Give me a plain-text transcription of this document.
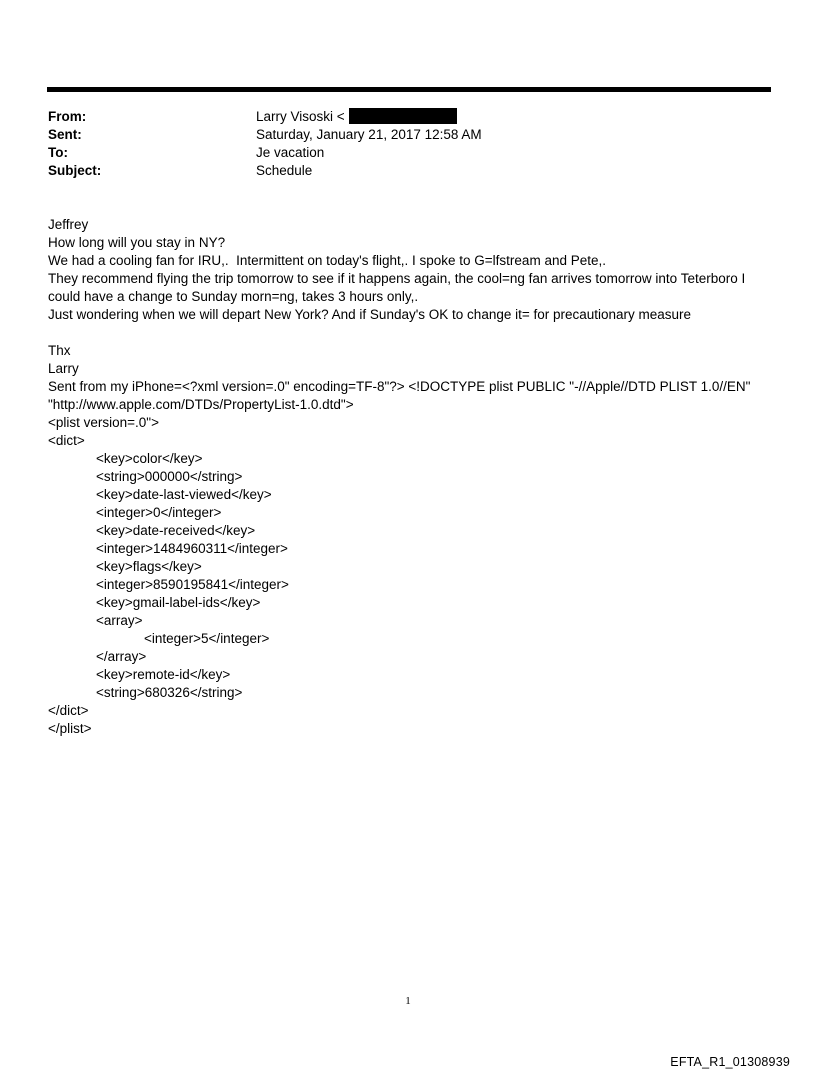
From:	Larry Visoski <
Sent:	Saturday, January 21, 2017 12:58 AM
To:	Je vacation
Subject:	Schedule
Jeffrey
How long will you stay in NY?
We had a cooling fan for IRU,.  Intermittent on today's flight,. I spoke to G=lfstream and Pete,.
They recommend flying the trip tomorrow to see if it happens again, the cool=ng fan arrives tomorrow into Teterboro I could have a change to Sunday morn=ng, takes 3 hours only,.
Just wondering when we will depart New York? And if Sunday's OK to change it= for precautionary measure
Thx
Larry
Sent from my iPhone=<?xml version=.0" encoding=TF-8"?> <!DOCTYPE plist PUBLIC "-//Apple//DTD PLIST 1.0//EN"
"http://www.apple.com/DTDs/PropertyList-1.0.dtd">
<plist version=.0">
<dict>
<key>color</key>
<string>000000</string>
<key>date-last-viewed</key>
<integer>0</integer>
<key>date-received</key>
<integer>1484960311</integer>
<key>flags</key>
<integer>8590195841</integer>
<key>gmail-label-ids</key>
<array>
<integer>5</integer>
</array>
<key>remote-id</key>
<string>680326</string>
</dict>
</plist>
1
EFTA_R1_01308939
